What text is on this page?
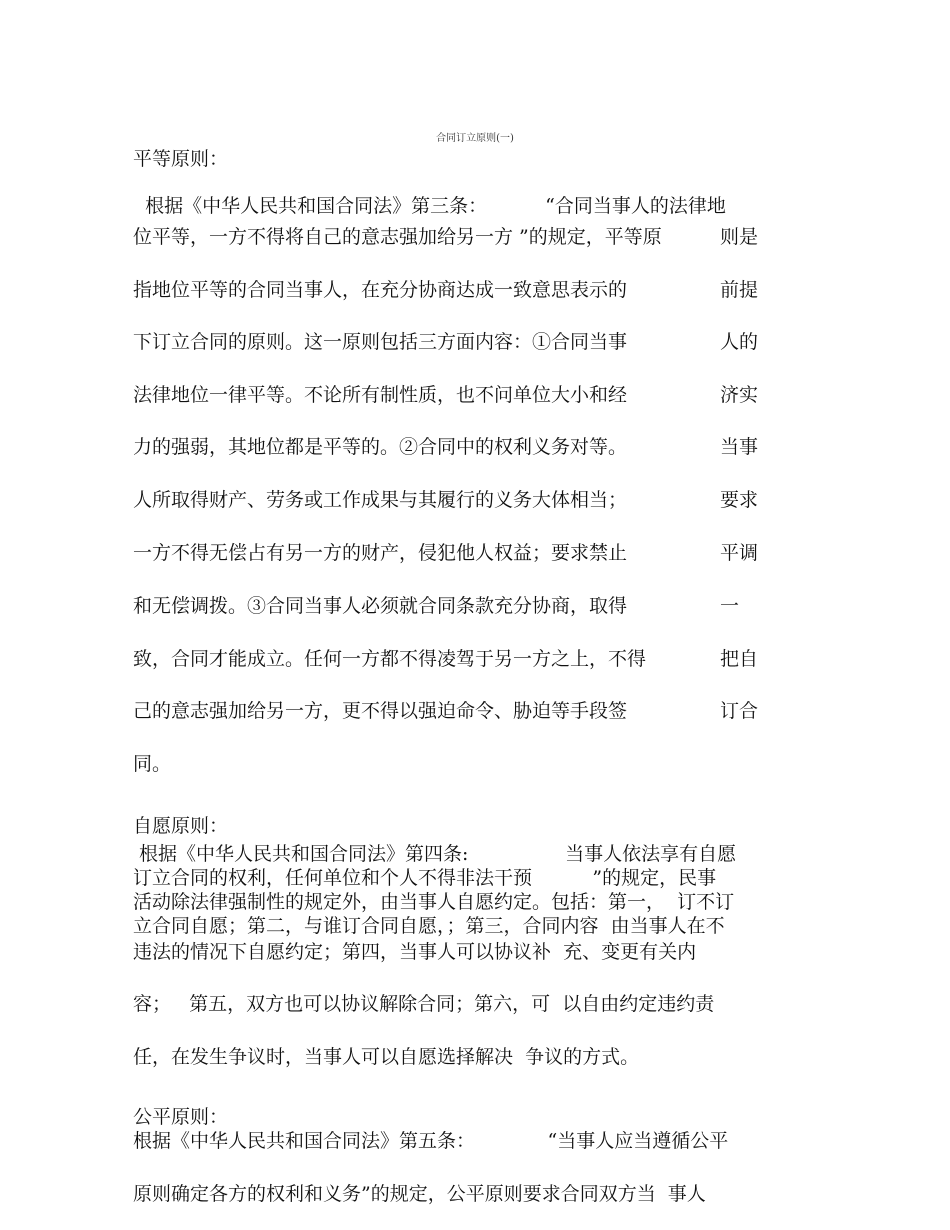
合同订立原则(一)
平等原则：

根据《中华人民共和国合同法》第三条：	“合同当事人的法律地

位平等，一方不得将自己的意志强加给另一方 ”的规定，平等原	则是
指地位平等的合同当事人，在充分协商达成一致意思表示的	前提
下订立合同的原则。这一原则包括三方面内容：①合同当事	人的
法律地位一律平等。不论所有制性质，也不问单位大小和经	济实
力的强弱，其地位都是平等的。②合同中的权利义务对等。	当事
人所取得财产、劳务或工作成果与其履行的义务大体相当；	要求
一方不得无偿占有另一方的财产，侵犯他人权益；要求禁止	平调
和无偿调拨。③合同当事人必须就合同条款充分协商，取得	一
致，合同才能成立。任何一方都不得凌驾于另一方之上，不得	把自
己的意志强加给另一方，更不得以强迫命令、胁迫等手段签	订合
同。
自愿原则：
根据《中华人民共和国合同法》第四条:                当事人依法享有自愿
订立合同的权利，任何单位和个人不得非法干预          ”的规定，民事
活动除法律强制性的规定外，由当事人自愿约定。包括：第一，  订不订
立合同自愿；第二，与谁订合同自愿，；第三，合同内容  由当事人在不
违法的情况下自愿约定；第四，当事人可以协议补  充、变更有关内
容；   第五，双方也可以协议解除合同；第六，可  以自由约定违约责
任，在发生争议时，当事人可以自愿选择解决  争议的方式。
公平原则：
根据《中华人民共和国合同法》第五条：            “当事人应当遵循公平
原则确定各方的权利和义务”的规定，公平原则要求合同双方当  事人
